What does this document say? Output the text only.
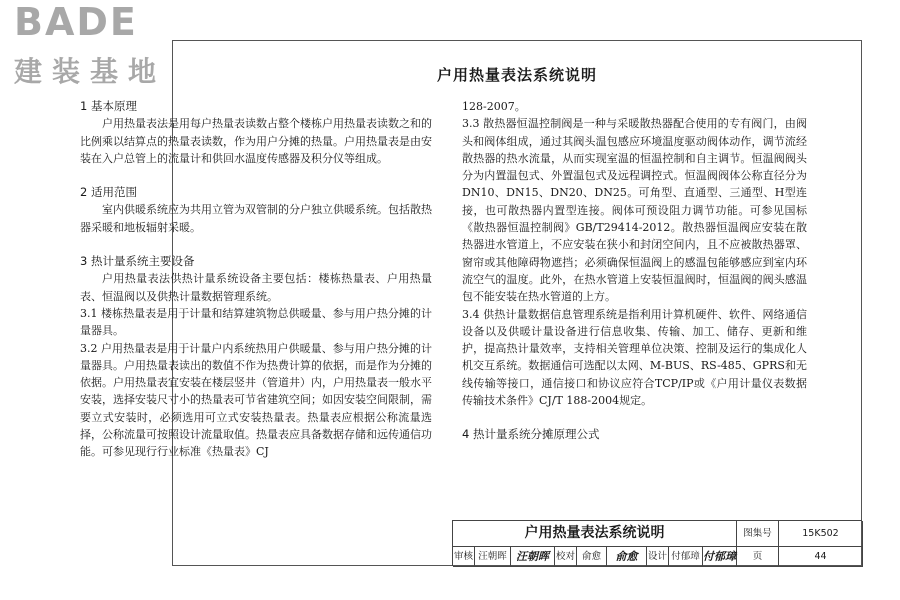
BADE
建装基地	户用热量表法系统说明

1 基本原理

户用热量表法是用每户热量表读数占整个楼栋户用热量表读数之和的比例乘以结算点的热量表读数，作为用户分摊的热量。户用热量表是由安装在入户总管上的流量计和供回水温度传感器及积分仪等组成。

2 适用范围

室内供暖系统应为共用立管为双管制的分户独立供暖系统。包括散热器采暖和地板辐射采暖。

3 热计量系统主要设备

户用热量表法供热计量系统设备主要包括：楼栋热量表、户用热量表、恒温阀以及供热计量数据管理系统。

3.1 楼栋热量表是用于计量和结算建筑物总供暖量、参与用户热分摊的计量器具。

3.2 户用热量表是用于计量户内系统热用户供暖量、参与用户热分摊的计量器具。户用热量表读出的数值不作为热费计算的依据，而是作为分摊的依据。户用热量表宜安装在楼层竖井（管道井）内，户用热量表一般水平安装，选择安装尺寸小的热量表可节省建筑空间；如因安装空间限制，需要立式安装时，必须选用可立式安装热量表。热量表应根据公称流量选择，公称流量可按照设计流量取值。热量表应具备数据存储和远传通信功能。可参见现行行业标准《热量表》CJ

128-2007。

3.3 散热器恒温控制阀是一种与采暖散热器配合使用的专有阀门，由阀头和阀体组成，通过其阀头温包感应环境温度驱动阀体动作，调节流经散热器的热水流量，从而实现室温的恒温控制和自主调节。恒温阀阀头分为内置温包式、外置温包式及远程调控式。恒温阀阀体公称直径分为DN10、DN15、DN20、DN25。可角型、直通型、三通型、H型连接，也可散热器内置型连接。阀体可预设阻力调节功能。可参见国标《散热器恒温控制阀》GB/T29414-2012。散热器恒温阀应安装在散热器进水管道上，不应安装在狭小和封闭空间内，且不应被散热器罩、窗帘或其他障碍物遮挡；必须确保恒温阀上的感温包能够感应到室内环流空气的温度。此外，在热水管道上安装恒温阀时，恒温阀的阀头感温包不能安装在热水管道的上方。

3.4 供热计量数据信息管理系统是指利用计算机硬件、软件、网络通信设备以及供暖计量设备进行信息收集、传输、加工、储存、更新和维护，提高热计量效率，支持相关管理单位决策、控制及运行的集成化人机交互系统。数据通信可选配以太网、M-BUS、RS-485、GPRS和无线传输等接口，通信接口和协议应符合TCP/IP或《户用计量仪表数据传输技术条件》CJ/T 188-2004规定。

4 热计量系统分摊原理公式

户用热量表法系统说明	图集号	15K502
审核 汪朝晖 汪朝晖 校对 俞愈	俞愈	设计 付郁璋 付郁璋	页	44
